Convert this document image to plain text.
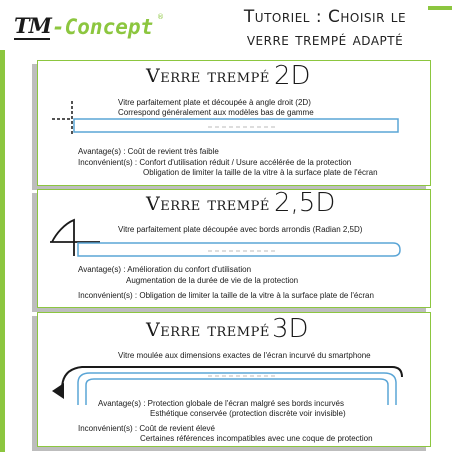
TM -Concept ®	Tutoriel : Choisir le
verre trempé adapté
Verre trempé 2D
Vitre parfaitement plate et découpée à angle droit (2D)
Correspond généralement aux modèles bas de gamme
Avantage(s) : Coût de revient très faible
Inconvénient(s) : Confort d'utilisation réduit / Usure accélérée de la protection
Obligation de limiter la taille de la vitre à la surface plate de l'écran
Verre trempé 2,5D
Vitre parfaitement plate découpée avec bords arrondis (Radian 2,5D)
Avantage(s) : Amélioration du confort d'utilisation
Augmentation de la durée de vie de la protection
Inconvénient(s) : Obligation de limiter la taille de la vitre à la surface plate de l'écran
Verre trempé 3D
Vitre moulée aux dimensions exactes de l'écran incurvé du smartphone
Avantage(s) : Protection globale de l'écran malgré ses bords incurvés
Esthétique conservée (protection discrète voir invisible)
Inconvénient(s) : Coût de revient élevé
Certaines références incompatibles avec une coque de protection
